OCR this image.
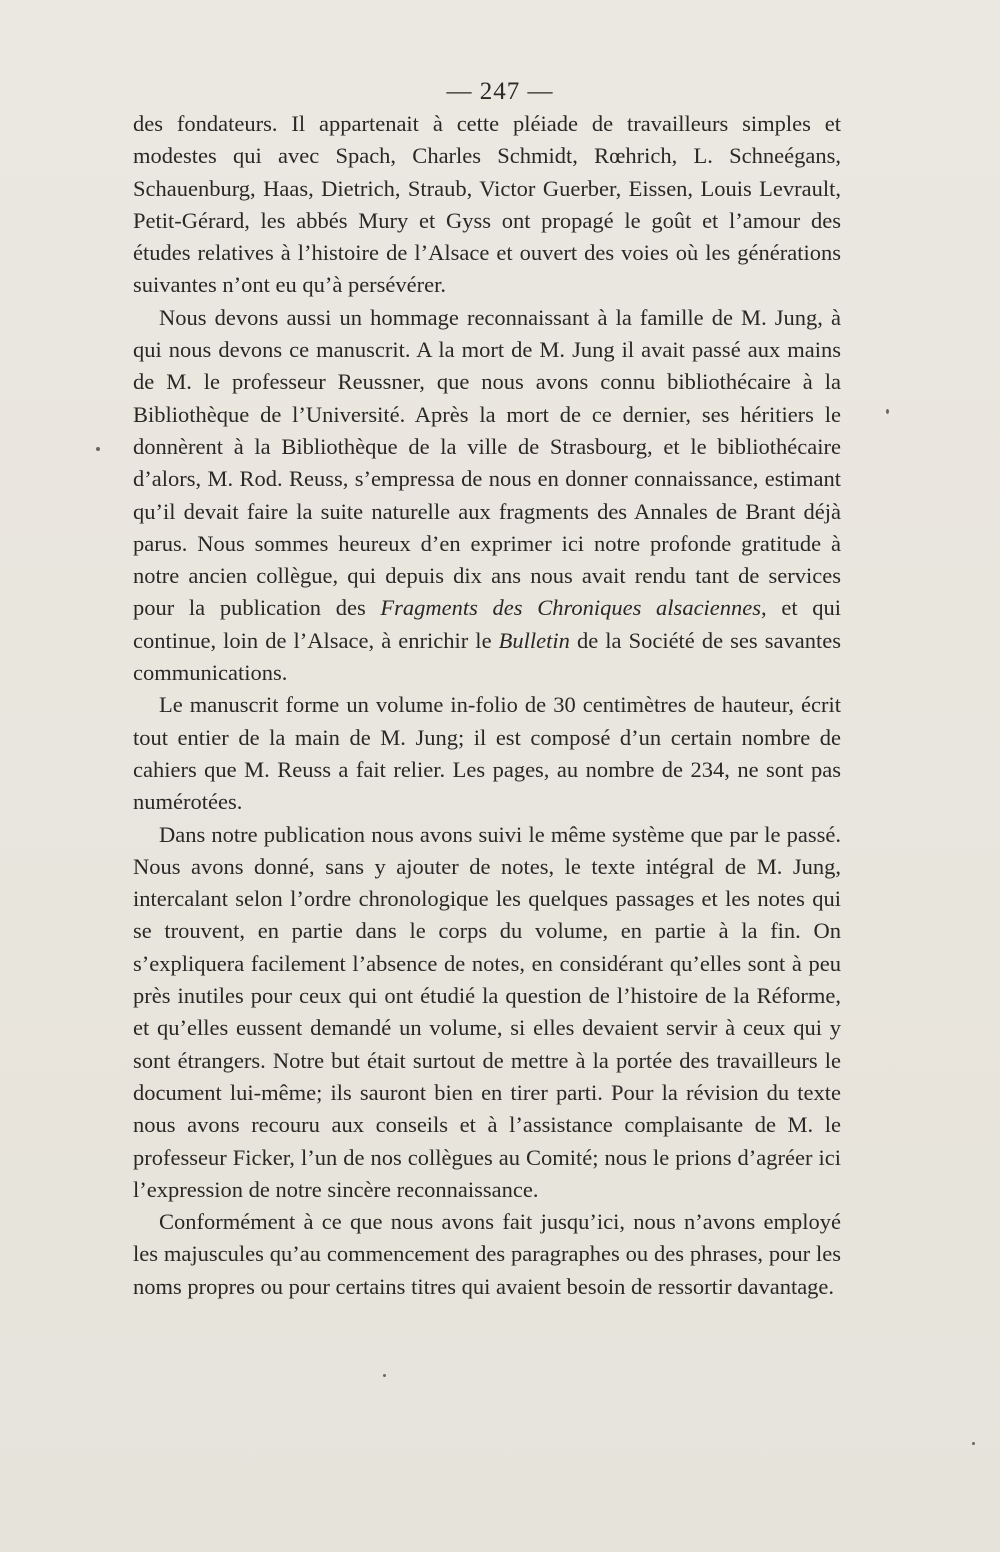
— 247 —

des fondateurs. Il appartenait à cette pléiade de travailleurs simples et modestes qui avec Spach, Charles Schmidt, Rœhrich, L. Schneégans, Schauenburg, Haas, Dietrich, Straub, Victor Guerber, Eissen, Louis Levrault, Petit-Gérard, les abbés Mury et Gyss ont propagé le goût et l’amour des études relatives à l’histoire de l’Alsace et ouvert des voies où les générations suivantes n’ont eu qu’à persévérer.

Nous devons aussi un hommage reconnaissant à la famille de M. Jung, à qui nous devons ce manuscrit. A la mort de M. Jung il avait passé aux mains de M. le professeur Reussner, que nous avons connu bibliothécaire à la Bibliothèque de l’Université. Après la mort de ce dernier, ses héritiers le donnèrent à la Bibliothèque de la ville de Strasbourg, et le bibliothécaire d’alors, M. Rod. Reuss, s’empressa de nous en donner connaissance, estimant qu’il devait faire la suite naturelle aux fragments des Annales de Brant déjà parus. Nous sommes heureux d’en exprimer ici notre profonde gratitude à notre ancien collègue, qui depuis dix ans nous avait rendu tant de services pour la publication des Fragments des Chroniques alsaciennes, et qui continue, loin de l’Alsace, à enrichir le Bulletin de la Société de ses savantes communications.

Le manuscrit forme un volume in-folio de 30 centimètres de hauteur, écrit tout entier de la main de M. Jung; il est composé d’un certain nombre de cahiers que M. Reuss a fait relier. Les pages, au nombre de 234, ne sont pas numérotées.

Dans notre publication nous avons suivi le même système que par le passé. Nous avons donné, sans y ajouter de notes, le texte intégral de M. Jung, intercalant selon l’ordre chronologique les quelques passages et les notes qui se trouvent, en partie dans le corps du volume, en partie à la fin. On s’expliquera facilement l’absence de notes, en considérant qu’elles sont à peu près inutiles pour ceux qui ont étudié la question de l’histoire de la Réforme, et qu’elles eussent demandé un volume, si elles devaient servir à ceux qui y sont étrangers. Notre but était surtout de mettre à la portée des travailleurs le document lui-même; ils sauront bien en tirer parti. Pour la révision du texte nous avons recouru aux conseils et à l’assistance complaisante de M. le professeur Ficker, l’un de nos collègues au Comité; nous le prions d’agréer ici l’expression de notre sincère reconnaissance.

Conformément à ce que nous avons fait jusqu’ici, nous n’avons employé les majuscules qu’au commencement des paragraphes ou des phrases, pour les noms propres ou pour certains titres qui avaient besoin de ressortir davantage.
